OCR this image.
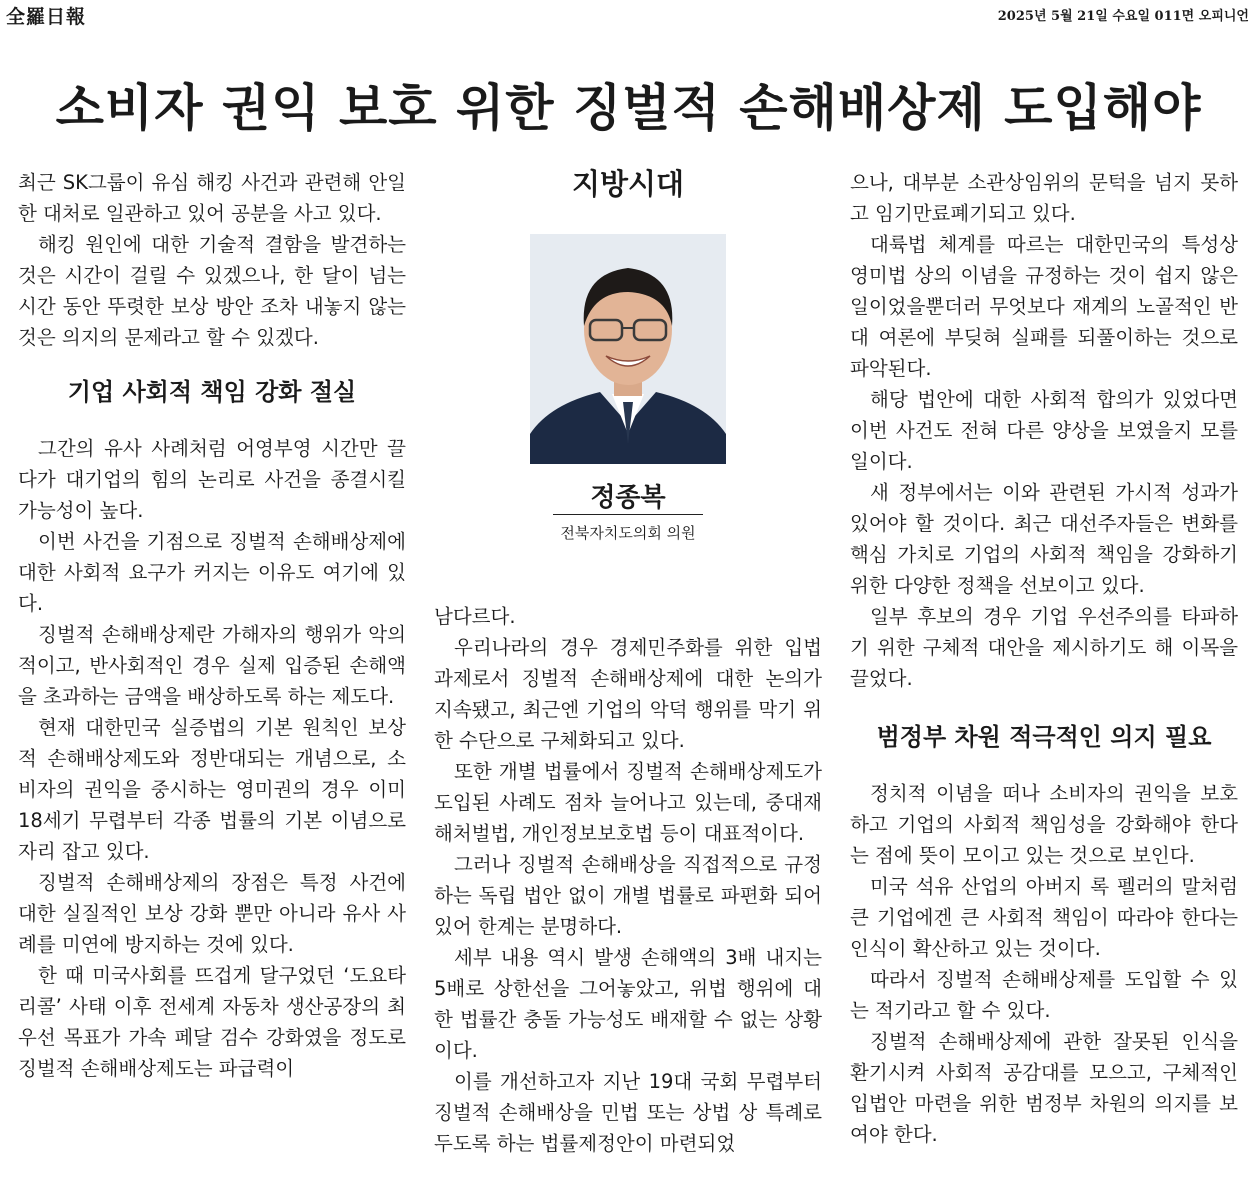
全羅日報	2025년 5월 21일 수요일 011면 오피니언
소비자 권익 보호 위한 징벌적 손해배상제 도입해야

최근 SK그룹이 유심 해킹 사건과 관련해 안일한 대처로 일관하고 있어 공분을 사고 있다.

해킹 원인에 대한 기술적 결함을 발견하는 것은 시간이 걸릴 수 있겠으나, 한 달이 넘는 시간 동안 뚜렷한 보상 방안 조차 내놓지 않는 것은 의지의 문제라고 할 수 있겠다.

기업 사회적 책임 강화 절실

그간의 유사 사례처럼 어영부영 시간만 끌다가 대기업의 힘의 논리로 사건을 종결시킬 가능성이 높다.

이번 사건을 기점으로 징벌적 손해배상제에 대한 사회적 요구가 커지는 이유도 여기에 있다.

징벌적 손해배상제란 가해자의 행위가 악의적이고, 반사회적인 경우 실제 입증된 손해액을 초과하는 금액을 배상하도록 하는 제도다.

현재 대한민국 실증법의 기본 원칙인 보상적 손해배상제도와 정반대되는 개념으로, 소비자의 권익을 중시하는 영미권의 경우 이미 18세기 무렵부터 각종 법률의 기본 이념으로 자리 잡고 있다.

징벌적 손해배상제의 장점은 특정 사건에 대한 실질적인 보상 강화 뿐만 아니라 유사 사례를 미연에 방지하는 것에 있다.

한 때 미국사회를 뜨겁게 달구었던 ‘도요타 리콜’ 사태 이후 전세계 자동차 생산공장의 최우선 목표가 가속 페달 검수 강화였을 정도로 징벌적 손해배상제도는 파급력이

지방시대
정종복
전북자치도의회 의원

남다르다.

우리나라의 경우 경제민주화를 위한 입법 과제로서 징벌적 손해배상제에 대한 논의가 지속됐고, 최근엔 기업의 악덕 행위를 막기 위한 수단으로 구체화되고 있다.

또한 개별 법률에서 징벌적 손해배상제도가 도입된 사례도 점차 늘어나고 있는데, 중대재해처벌법, 개인정보보호법 등이 대표적이다.

그러나 징벌적 손해배상을 직접적으로 규정하는 독립 법안 없이 개별 법률로 파편화 되어있어 한계는 분명하다.

세부 내용 역시 발생 손해액의 3배 내지는 5배로 상한선을 그어놓았고, 위법 행위에 대한 법률간 충돌 가능성도 배재할 수 없는 상황이다.

이를 개선하고자 지난 19대 국회 무렵부터 징벌적 손해배상을 민법 또는 상법 상 특례로 두도록 하는 법률제정안이 마련되었

으나, 대부분 소관상임위의 문턱을 넘지 못하고 임기만료폐기되고 있다.

대륙법 체계를 따르는 대한민국의 특성상 영미법 상의 이념을 규정하는 것이 쉽지 않은 일이었을뿐더러 무엇보다 재계의 노골적인 반대 여론에 부딪혀 실패를 되풀이하는 것으로 파악된다.

해당 법안에 대한 사회적 합의가 있었다면 이번 사건도 전혀 다른 양상을 보였을지 모를 일이다.

새 정부에서는 이와 관련된 가시적 성과가 있어야 할 것이다. 최근 대선주자들은 변화를 핵심 가치로 기업의 사회적 책임을 강화하기 위한 다양한 정책을 선보이고 있다.

일부 후보의 경우 기업 우선주의를 타파하기 위한 구체적 대안을 제시하기도 해 이목을 끌었다.

범정부 차원 적극적인 의지 필요

정치적 이념을 떠나 소비자의 권익을 보호하고 기업의 사회적 책임성을 강화해야 한다는 점에 뜻이 모이고 있는 것으로 보인다.

미국 석유 산업의 아버지 록 펠러의 말처럼 큰 기업에겐 큰 사회적 책임이 따라야 한다는 인식이 확산하고 있는 것이다.

따라서 징벌적 손해배상제를 도입할 수 있는 적기라고 할 수 있다.

징벌적 손해배상제에 관한 잘못된 인식을 환기시켜 사회적 공감대를 모으고, 구체적인 입법안 마련을 위한 범정부 차원의 의지를 보여야 한다.
